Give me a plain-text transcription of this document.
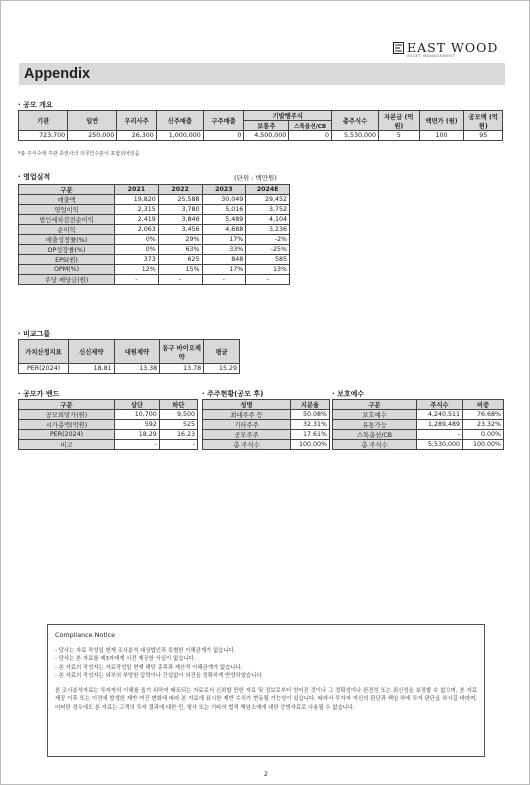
EAST WOOD
ASSET MANAGEMENT
Appendix
· 공모 개요
기관	일반	우리사주	신주매출	구주매출	기발행주식		총주식수	자본금 (억원)	액면가 (원)	공모액 (억원)
					보통주	스톡옵션/CB				
723,700	250,000	26,300	1,000,000	0	4,500,000	0	5,530,000	5	100	95
*총 주식수에 주관 증권사의 의무인수분이 포함되어있음
· 영업실적	(단위 : 백만원)
구분	2021	2022	2023	2024E
매출액	19,820	25,588	30,049	29,452
영업이익	2,315	3,780	5,016	3,752
법인세차감전순이익	2,419	3,846	5,489	4,104
순이익	2,063	3,456	4,688	3,236
매출성장률(%)	0%	29%	17%	-2%
OP성장률(%)	0%	63%	33%	-25%
EPS(원)	373	625	848	585
OPM(%)	12%	15%	17%	13%
주당 배당금(원)	-	-	-	-
· 비교그룹
가치산정지표	신신제약	대원제약	동구 바이오제약	평균
PER(2024)	18.81	13.38	13.78	15.29
· 공모가 밴드
구분	상단	하단
공모희망가(원)	10,700	9,500
시가총액(억원)	592	525
PER(2024)	18.29	16.23
비고	-	-
· 주주현황(공모 후)
성명	지분율
최대주주 등	50.08%
기타주주	32.31%
공모주주	17.61%
총 주식수	100.00%
· 보호예수
구분	주식수	비중
보호예수	4,240,511	76.68%
유통가능	1,289,489	23.32%
스톡옵션/CB	-	0.00%
총 주식수	5,530,000	100.00%
Compliance Notice
- 당사는 자료 작성일 현재 조사분석 대상법인과 특별한 이해관계가 없습니다.
- 당사는 본 자료를 제3자에게 사전 제공한 사실이 없습니다.
- 본 자료의 작성자는 자료작성일 현재 해당 종목과 재산적 이해관계가 없습니다.
- 본 자료의 작성자는 외부의 부당한 압력이나 간섭없이 의견을 정확하게 반영하였습니다.
본 조사분석자료는 투자자의 이해를 돕기 위하여 배포되는 자료로서 신뢰할 만한 자료 및 정보로부터 얻어진 것이나 그 정확성이나 완전성 또는 최신성을 보장할 수 없으며, 본 자료 제공 이후 또는 이전에 발생한 제반 여건 변화에 따라 본 자료에 표시한 제반 수치가 변동될 가능성이 있습니다. 따라서 투자자 자신의 판단과 책임 하에 투자 판단을 하시길 바라며, 어떠한 경우에도 본 자료는 고객의 투자 결과에 대한 민, 형사 또는 기타의 법적 책임소재에 대한 증빙자료로 사용될 수 없습니다.
2
